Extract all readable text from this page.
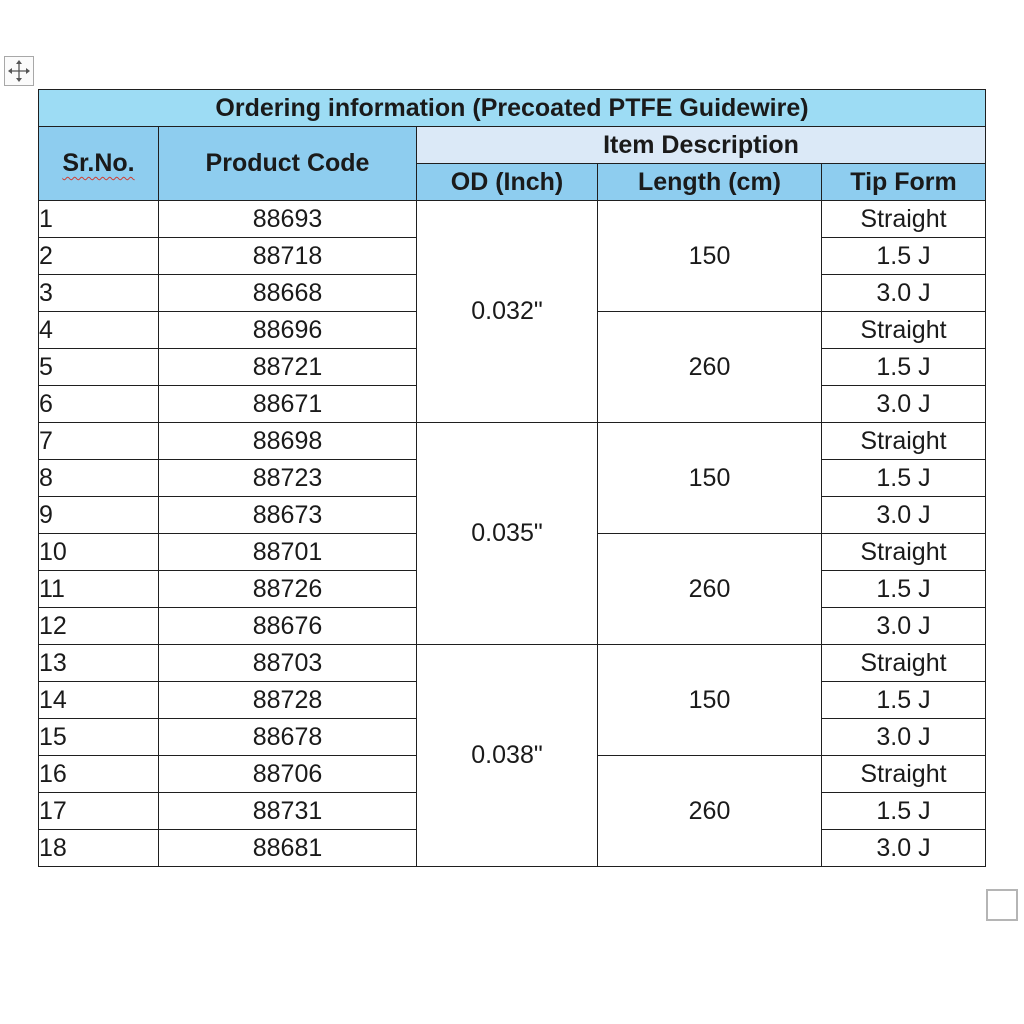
Ordering information (Precoated PTFE Guidewire)				
Sr.No.	Product Code	Item Description		
		OD (Inch)	Length (cm)	Tip Form
1	88693	0.032"	150	Straight
2	88718			1.5 J
3	88668			3.0 J
4	88696		260	Straight
5	88721			1.5 J
6	88671			3.0 J
7	88698	0.035"	150	Straight
8	88723			1.5 J
9	88673			3.0 J
10	88701		260	Straight
11	88726			1.5 J
12	88676			3.0 J
13	88703	0.038"	150	Straight
14	88728			1.5 J
15	88678			3.0 J
16	88706		260	Straight
17	88731			1.5 J
18	88681			3.0 J
